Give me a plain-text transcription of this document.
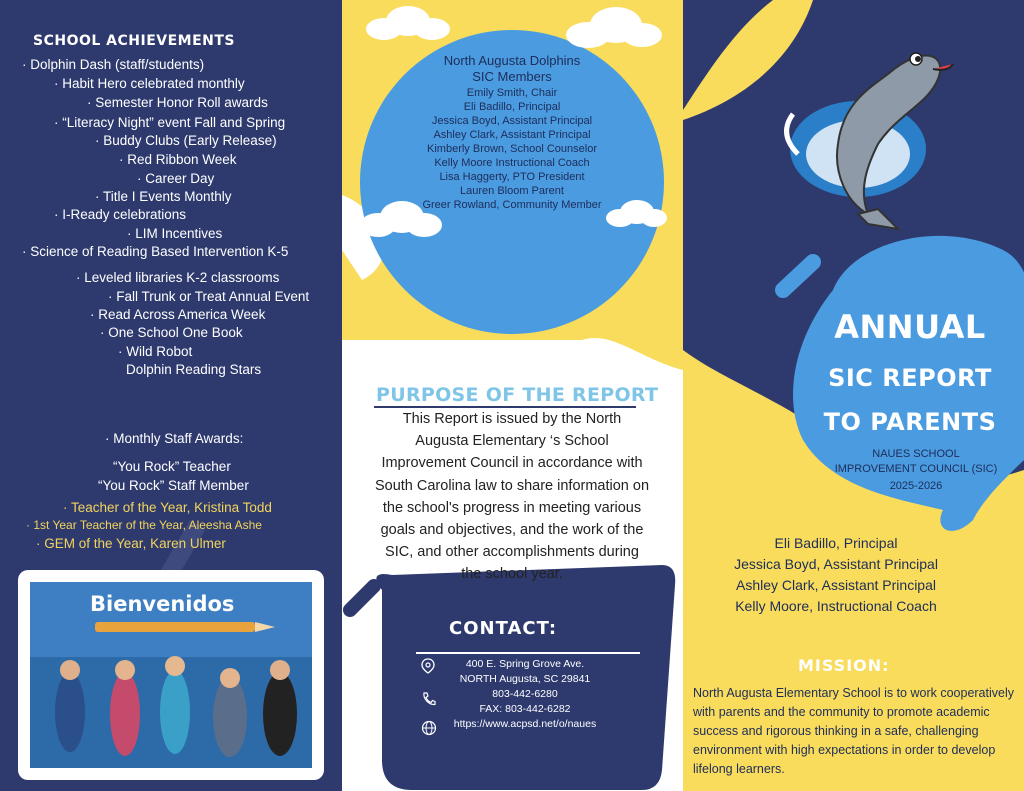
SCHOOL ACHIEVEMENTS
· Dolphin Dash (staff/students)
· Habit Hero celebrated monthly
· Semester Honor Roll awards
· “Literacy Night” event Fall and Spring
· Buddy Clubs (Early Release)
· Red Ribbon Week
· Career Day
· Title I Events Monthly
· I-Ready celebrations
· LIM Incentives
· Science of Reading Based Intervention K-5
· Leveled libraries K-2 classrooms
· Fall Trunk or Treat Annual Event
· Read Across America Week
· One School One Book
· Wild Robot
Dolphin Reading Stars
· Monthly Staff Awards:
“You Rock” Teacher
“You Rock” Staff Member
· Teacher of the Year, Kristina Todd
· 1st Year Teacher of the Year, Aleesha Ashe
· GEM of the Year, Karen Ulmer
Bienvenidos
North Augusta Dolphins
SIC Members
Emily Smith, Chair
Eli Badillo, Principal
Jessica Boyd, Assistant Principal
Ashley Clark, Assistant Principal
Kimberly Brown, School Counselor
Kelly Moore Instructional Coach
Lisa Haggerty, PTO President
Lauren Bloom Parent
Greer Rowland, Community Member
PURPOSE OF THE REPORT
This Report is issued by the North
Augusta Elementary ‘s School
Improvement Council in accordance with
South Carolina law to share information on
the school's progress in meeting various
goals and objectives, and the work of the
SIC, and other accomplishments during
the school year.
CONTACT:
400 E. Spring Grove Ave.
NORTH Augusta, SC 29841
803-442-6280
FAX: 803-442-6282
https://www.acpsd.net/o/naues
ANNUAL
SIC REPORT
TO PARENTS
NAUES SCHOOL
IMPROVEMENT COUNCIL (SIC)
2025-2026
Eli Badillo, Principal
Jessica Boyd, Assistant Principal
Ashley Clark, Assistant Principal
Kelly Moore, Instructional Coach
MISSION:
North Augusta Elementary School is to work cooperatively with parents and the community to promote academic success and rigorous thinking in a safe, challenging environment with high expectations in order to develop lifelong learners.
